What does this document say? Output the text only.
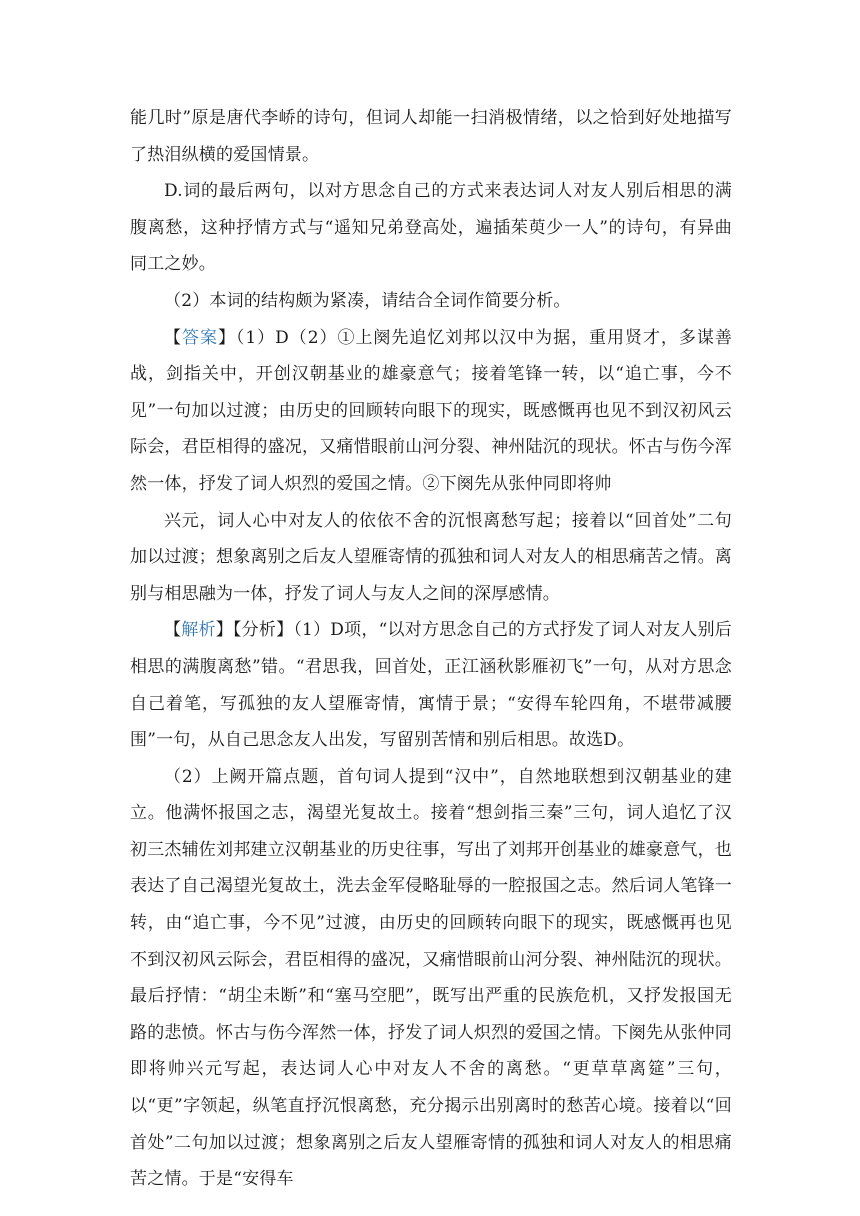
能几时”原是唐代李峤的诗句，但词人却能一扫消极情绪，以之恰到好处地描写了热泪纵横的爱国情景。

D.词的最后两句，以对方思念自己的方式来表达词人对友人别后相思的满腹离愁，这种抒情方式与“遥知兄弟登高处，遍插茱萸少一人”的诗句，有异曲同工之妙。

（2）本词的结构颇为紧凑，请结合全词作简要分析。

【答案】（1）D（2）①上阕先追忆刘邦以汉中为据，重用贤才，多谋善战，剑指关中，开创汉朝基业的雄豪意气；接着笔锋一转，以“追亡事，今不见”一句加以过渡；由历史的回顾转向眼下的现实，既感慨再也见不到汉初风云际会，君臣相得的盛况，又痛惜眼前山河分裂、神州陆沉的现状。怀古与伤今浑然一体，抒发了词人炽烈的爱国之情。②下阕先从张仲同即将帅

兴元，词人心中对友人的依依不舍的沉恨离愁写起；接着以“回首处”二句加以过渡；想象离别之后友人望雁寄情的孤独和词人对友人的相思痛苦之情。离别与相思融为一体，抒发了词人与友人之间的深厚感情。

【解析】【分析】（1）D项，“以对方思念自己的方式抒发了词人对友人别后相思的满腹离愁”错。“君思我，回首处，正江涵秋影雁初飞”一句，从对方思念自己着笔，写孤独的友人望雁寄情，寓情于景；“安得车轮四角，不堪带减腰围”一句，从自己思念友人出发，写留别苦情和别后相思。故选D。

（2）上阙开篇点题，首句词人提到“汉中”，自然地联想到汉朝基业的建立。他满怀报国之志，渴望光复故土。接着“想剑指三秦”三句，词人追忆了汉初三杰辅佐刘邦建立汉朝基业的历史往事，写出了刘邦开创基业的雄豪意气，也表达了自己渴望光复故土，洗去金军侵略耻辱的一腔报国之志。然后词人笔锋一转，由“追亡事，今不见”过渡，由历史的回顾转向眼下的现实，既感慨再也见不到汉初风云际会，君臣相得的盛况，又痛惜眼前山河分裂、神州陆沉的现状。最后抒情：“胡尘未断”和“塞马空肥”，既写出严重的民族危机，又抒发报国无路的悲愤。怀古与伤今浑然一体，抒发了词人炽烈的爱国之情。下阕先从张仲同即将帅兴元写起，表达词人心中对友人不舍的离愁。“更草草离筵”三句，以“更”字领起，纵笔直抒沉恨离愁，充分揭示出别离时的愁苦心境。接着以“回首处”二句加以过渡；想象离别之后友人望雁寄情的孤独和词人对友人的相思痛苦之情。于是“安得车
